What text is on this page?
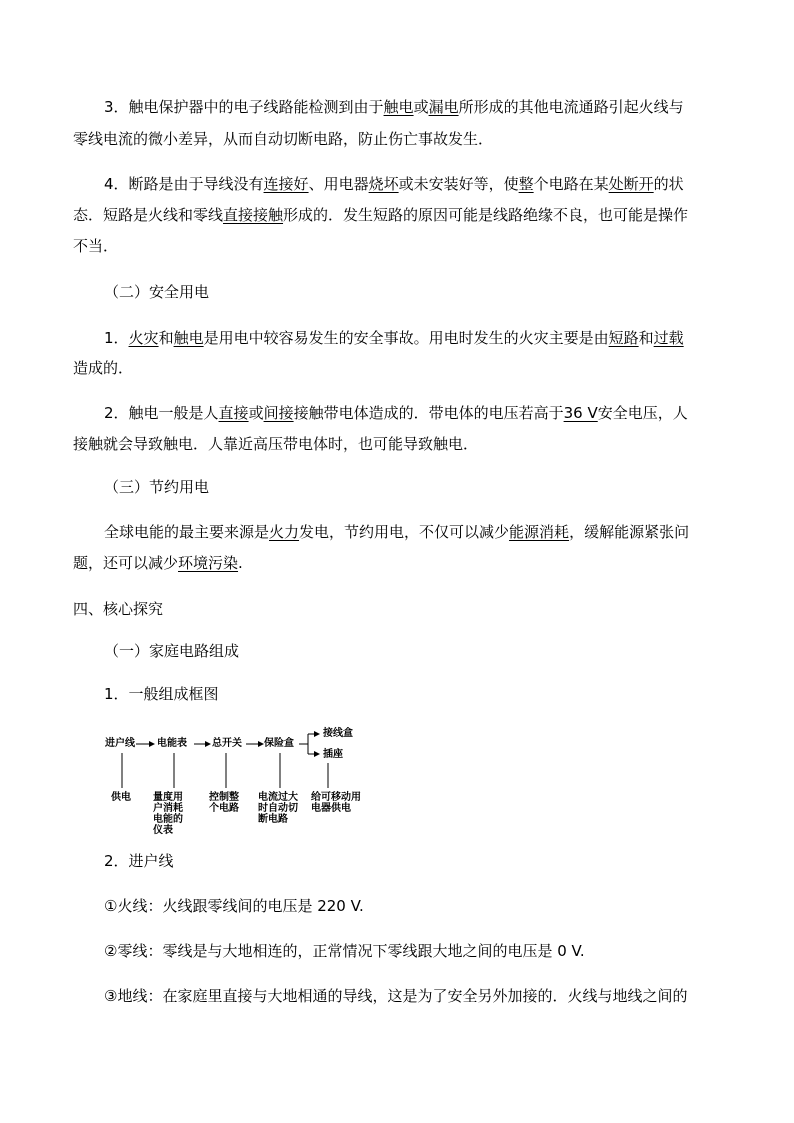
3．触电保护器中的电子线路能检测到由于触电或漏电所形成的其他电流通路引起火线与
零线电流的微小差异，从而自动切断电路，防止伤亡事故发生．
4．断路是由于导线没有连接好、用电器烧坏或未安装好等，使整个电路在某处断开的状
态．短路是火线和零线直接接触形成的．发生短路的原因可能是线路绝缘不良，也可能是操作
不当．
（二）安全用电
1．火灾和触电是用电中较容易发生的安全事故。用电时发生的火灾主要是由短路和过载
造成的．
2．触电一般是人直接或间接接触带电体造成的．带电体的电压若高于36 V安全电压，人
接触就会导致触电．人靠近高压带电体时，也可能导致触电．
（三）节约用电
全球电能的最主要来源是火力发电，节约用电，不仅可以减少能源消耗，缓解能源紧张问
题，还可以减少环境污染.
四、核心探究
（一）家庭电路组成
1．一般组成框图
进户线 电能表	总开关 保险盒
接线盒
插座
供电	量度用户消耗电能的仪表
控制整个电路
电流过大时自动切断电路
给可移动用电器供电
2．进户线
①火线：火线跟零线间的电压是 220 V.
②零线：零线是与大地相连的，正常情况下零线跟大地之间的电压是 0 V.
③地线：在家庭里直接与大地相通的导线，这是为了安全另外加接的．火线与地线之间的
